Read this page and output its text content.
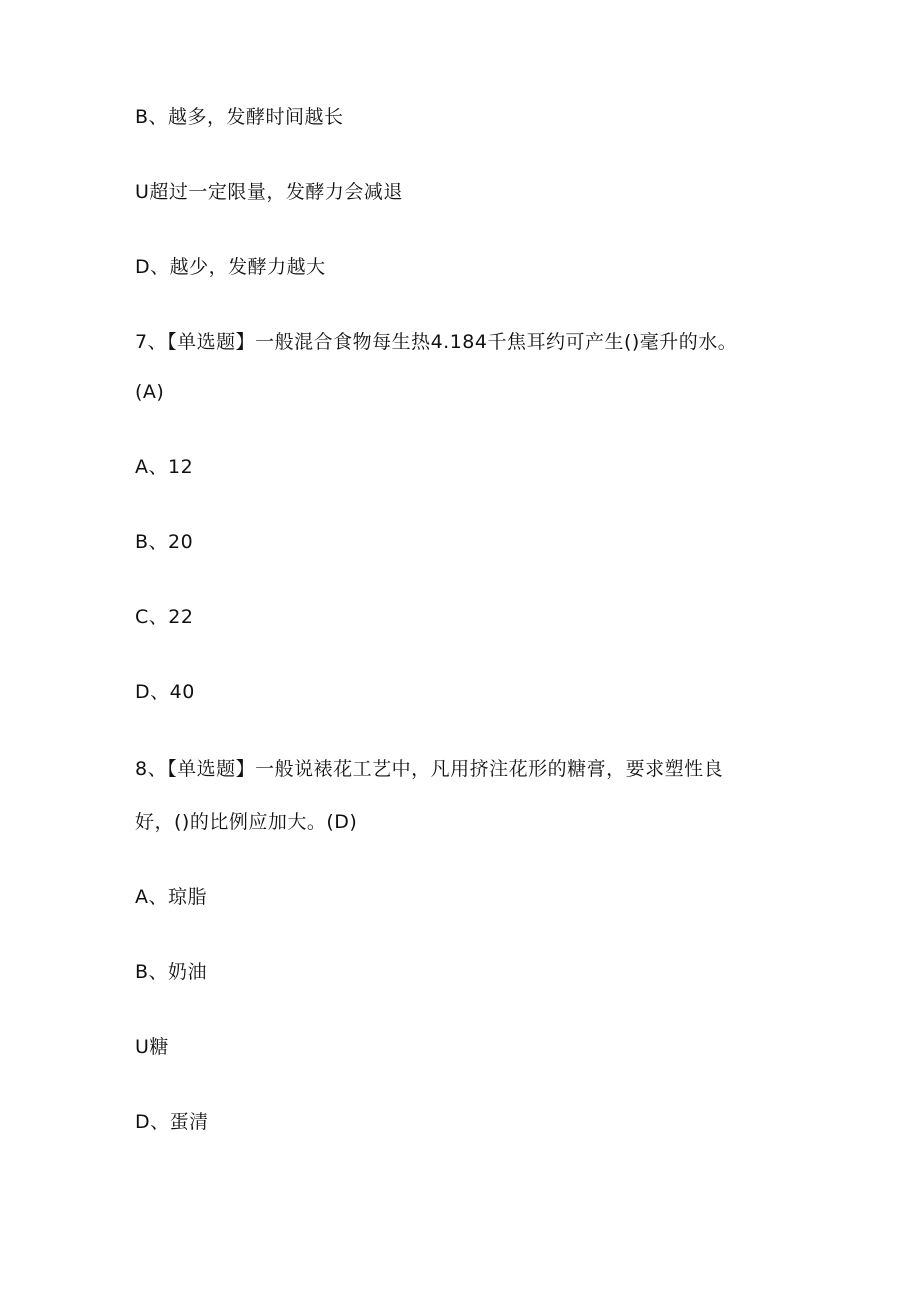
B、越多，发酵时间越长

U超过一定限量，发酵力会减退

D、越少，发酵力越大

7、【单选题】一般混合食物每生热4.184千焦耳约可产生()毫升的水。

(A)

A、12

B、20

C、22

D、40

8、【单选题】一般说裱花工艺中，凡用挤注花形的糖膏，要求塑性良

好，()的比例应加大。(D)

A、琼脂

B、奶油

U糖

D、蛋清
